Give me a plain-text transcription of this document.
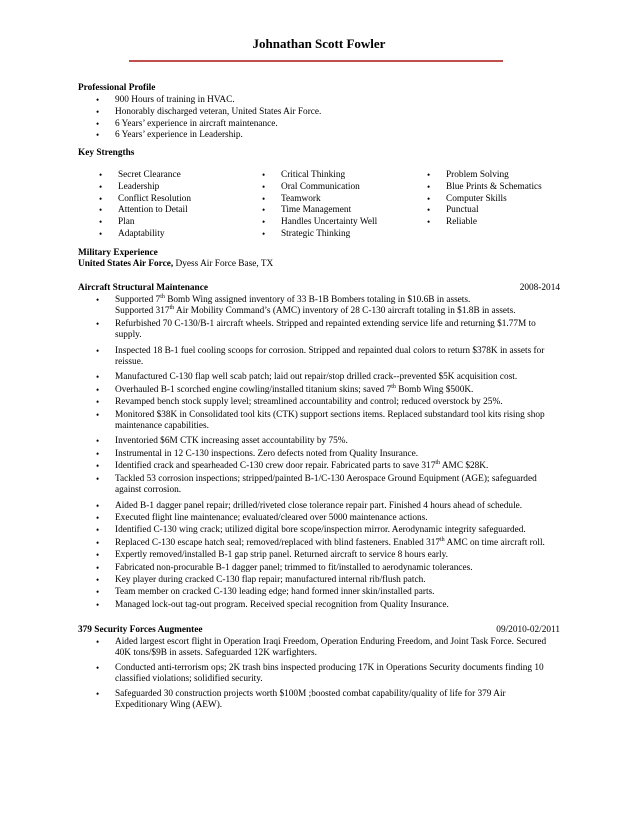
Johnathan Scott Fowler
Professional Profile
• 900 Hours of training in HVAC.
• Honorably discharged veteran, United States Air Force.
• 6 Years’ experience in aircraft maintenance.
• 6 Years’ experience in Leadership.
Key Strengths
• Secret Clearance
• Leadership
• Conflict Resolution
• Attention to Detail
• Plan
• Adaptability
• Critical Thinking
• Oral Communication
• Teamwork
• Time Management
• Handles Uncertainty Well
• Strategic Thinking
• Problem Solving
• Blue Prints & Schematics
• Computer Skills
• Punctual
• Reliable
Military Experience
United States Air Force, Dyess Air Force Base, TX
Aircraft Structural Maintenance	2008-2014
• Supported 7th Bomb Wing assigned inventory of 33 B-1B Bombers totaling in $10.6B in assets.
Supported 317th Air Mobility Command’s (AMC) inventory of 28 C-130 aircraft totaling in $1.8B in assets.
• Refurbished 70 C-130/B-1 aircraft wheels. Stripped and repainted extending service life and returning $1.77M to supply.
• Inspected 18 B-1 fuel cooling scoops for corrosion. Stripped and repainted dual colors to return $378K in assets for reissue.
• Manufactured C-130 flap well scab patch; laid out repair/stop drilled crack--prevented $5K acquisition cost.
• Overhauled B-1 scorched engine cowling/installed titanium skins; saved 7th Bomb Wing $500K.
• Revamped bench stock supply level; streamlined accountability and control; reduced overstock by 25%.
• Monitored $38K in Consolidated tool kits (CTK) support sections items. Replaced substandard tool kits rising shop maintenance capabilities.
• Inventoried $6M CTK increasing asset accountability by 75%.
• Instrumental in 12 C-130 inspections. Zero defects noted from Quality Insurance.
• Identified crack and spearheaded C-130 crew door repair. Fabricated parts to save 317th AMC $28K.
• Tackled 53 corrosion inspections; stripped/painted B-1/C-130 Aerospace Ground Equipment (AGE); safeguarded against corrosion.
• Aided B-1 dagger panel repair; drilled/riveted close tolerance repair part. Finished 4 hours ahead of schedule.
• Executed flight line maintenance; evaluated/cleared over 5000 maintenance actions.
• Identified C-130 wing crack; utilized digital bore scope/inspection mirror. Aerodynamic integrity safeguarded.
• Replaced C-130 escape hatch seal; removed/replaced with blind fasteners. Enabled 317th AMC on time aircraft roll.
• Expertly removed/installed B-1 gap strip panel. Returned aircraft to service 8 hours early.
• Fabricated non-procurable B-1 dagger panel; trimmed to fit/installed to aerodynamic tolerances.
• Key player during cracked C-130 flap repair; manufactured internal rib/flush patch.
• Team member on cracked C-130 leading edge; hand formed inner skin/installed parts.
• Managed lock-out tag-out program. Received special recognition from Quality Insurance.
379 Security Forces Augmentee	09/2010-02/2011
• Aided largest escort flight in Operation Iraqi Freedom, Operation Enduring Freedom, and Joint Task Force. Secured 40K tons/$9B in assets. Safeguarded 12K warfighters.
• Conducted anti-terrorism ops; 2K trash bins inspected producing 17K in Operations Security documents finding 10 classified violations; solidified security.
• Safeguarded 30 construction projects worth $100M ;boosted combat capability/quality of life for 379 Air Expeditionary Wing (AEW).
